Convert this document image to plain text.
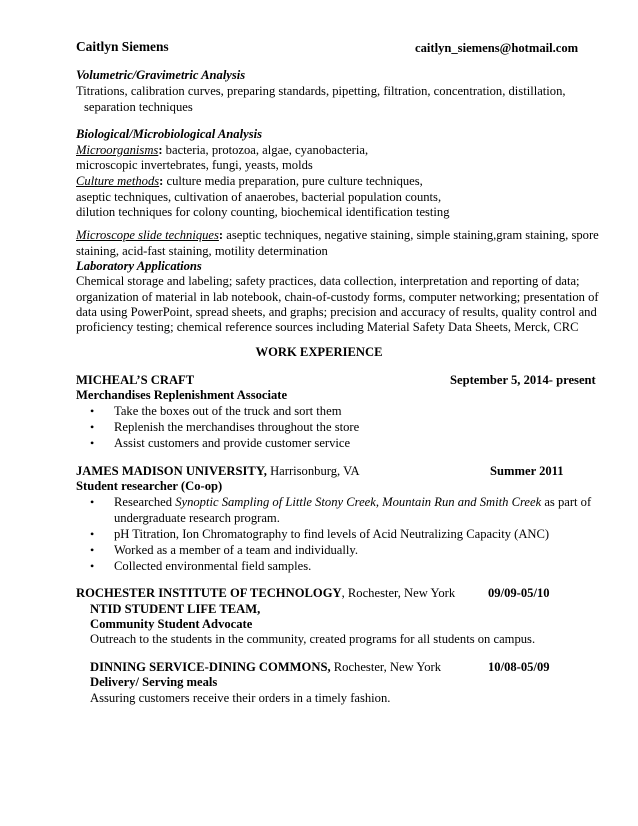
Caitlyn Siemens	caitlyn_siemens@hotmail.com
Volumetric/Gravimetric Analysis
Titrations, calibration curves, preparing standards, pipetting, filtration, concentration, distillation,
separation techniques
Biological/Microbiological Analysis
Microorganisms: bacteria, protozoa, algae, cyanobacteria,
microscopic invertebrates, fungi, yeasts, molds
Culture methods: culture media preparation, pure culture techniques,
aseptic techniques, cultivation of anaerobes, bacterial population counts,
dilution techniques for colony counting, biochemical identification testing
Microscope slide techniques: aseptic techniques, negative staining, simple staining,gram staining, spore
staining, acid-fast staining, motility determination
Laboratory Applications
Chemical storage and labeling; safety practices, data collection, interpretation and reporting of data;
organization of material in lab notebook, chain-of-custody forms, computer networking; presentation of
data using PowerPoint, spread sheets, and graphs; precision and accuracy of results, quality control and
proficiency testing; chemical reference sources including Material Safety Data Sheets, Merck, CRC
WORK EXPERIENCE
MICHEAL’S CRAFT	September 5, 2014- present
Merchandises Replenishment Associate
•	Take the boxes out of the truck and sort them
•	Replenish the merchandises throughout the store
•	Assist customers and provide customer service
JAMES MADISON UNIVERSITY, Harrisonburg, VA	Summer 2011
Student researcher (Co-op)
•	Researched Synoptic Sampling of Little Stony Creek, Mountain Run and Smith Creek as part of
undergraduate research program.
•	pH Titration, Ion Chromatography to find levels of Acid Neutralizing Capacity (ANC)
•	Worked as a member of a team and individually.
•	Collected environmental field samples.
ROCHESTER INSTITUTE OF TECHNOLOGY, Rochester, New York	09/09-05/10
NTID STUDENT LIFE TEAM,
Community Student Advocate
Outreach to the students in the community, created programs for all students on campus.
DINNING SERVICE-DINING COMMONS, Rochester, New York	10/08-05/09
Delivery/ Serving meals
Assuring customers receive their orders in a timely fashion.
